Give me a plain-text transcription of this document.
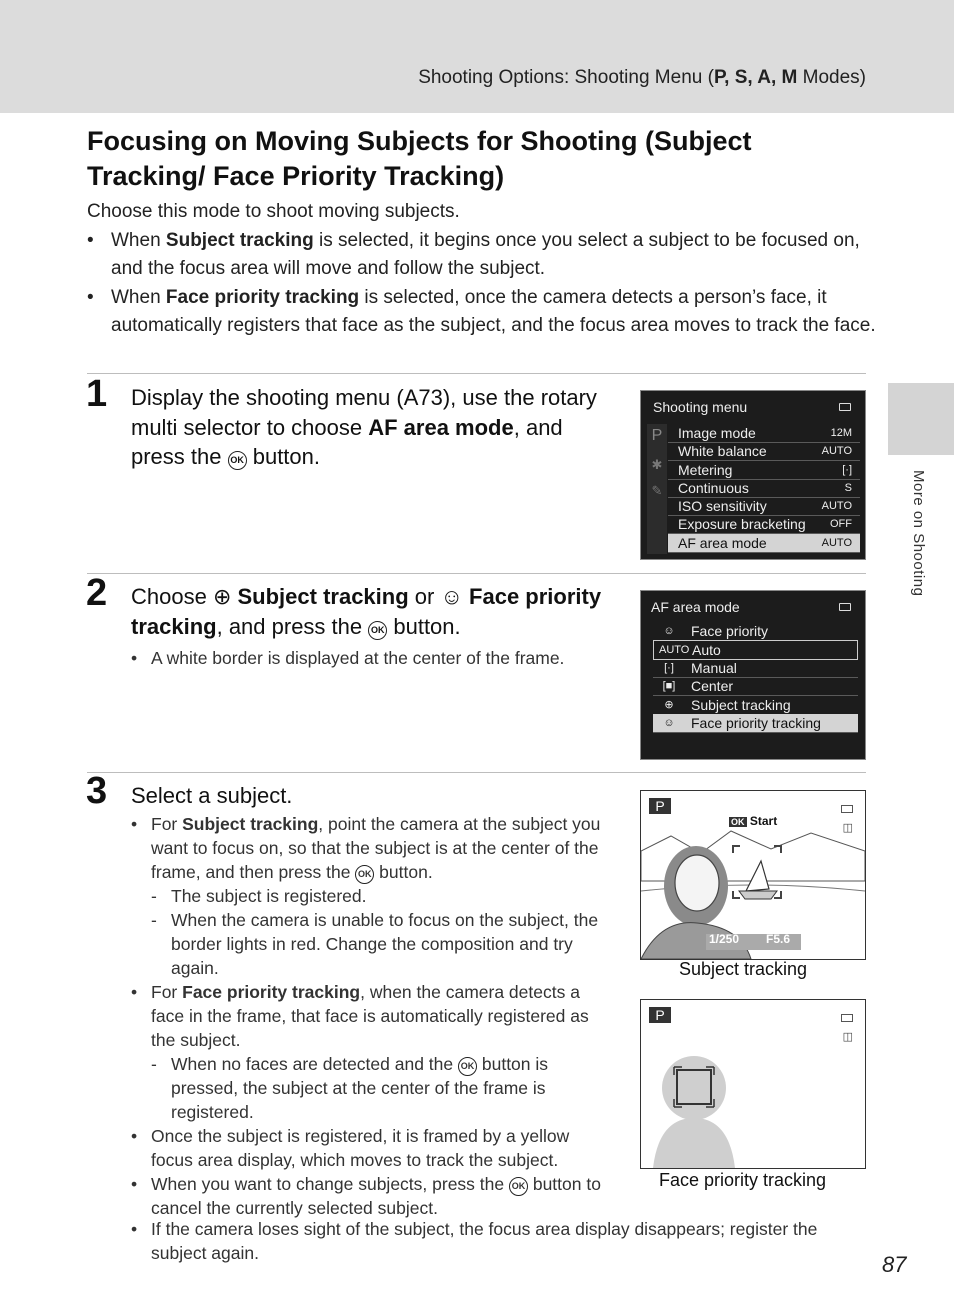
Shooting Options: Shooting Menu (P, S, A, M Modes)
More on Shooting
Focusing on Moving Subjects for Shooting (Subject Tracking/ Face Priority Tracking)

Choose this mode to shoot moving subjects.

• When Subject tracking is selected, it begins once you select a subject to be focused on, and the focus area will move and follow the subject.

• When Face priority tracking is selected, once the camera detects a person’s face, it automatically registers that face as the subject, and the focus area moves to track the face.

1 Display the shooting menu (A73), use the rotary multi selector to choose AF area mode, and press the OK button.
Shooting menu
P
✱
✎
Image mode	12M
White balance	AUTO
Metering	[·]
Continuous	S
ISO sensitivity	AUTO
Exposure bracketing OFF
AF area mode	AUTO
2 Choose ⊕ Subject tracking or ☺ Face priority tracking, and press the OK button.
• A white border is displayed at the center of the frame.
AF area mode
☺	Face priority
AUTO Auto
[·]	Manual
[■]	Center
⊕	Subject tracking
☺	Face priority tracking
3 Select a subject.
• For Subject tracking, point the camera at the subject you want to focus on, so that the subject is at the center of the frame, and then press the OK button.
- The subject is registered.
- When the camera is unable to focus on the subject, the border lights in red. Change the composition and try again.
• For Face priority tracking, when the camera detects a face in the frame, that face is automatically registered as the subject.
- When no faces are detected and the OK button is pressed, the subject at the center of the frame is registered.
• Once the subject is registered, it is framed by a yellow focus area display, which moves to track the subject.
• When you want to change subjects, press the OK button to cancel the currently selected subject.
• If the camera loses sight of the subject, the focus area display disappears; register the subject again.
P
OK Start	◫
1/250 F5.6
Subject tracking
P
◫
Face priority tracking
87
